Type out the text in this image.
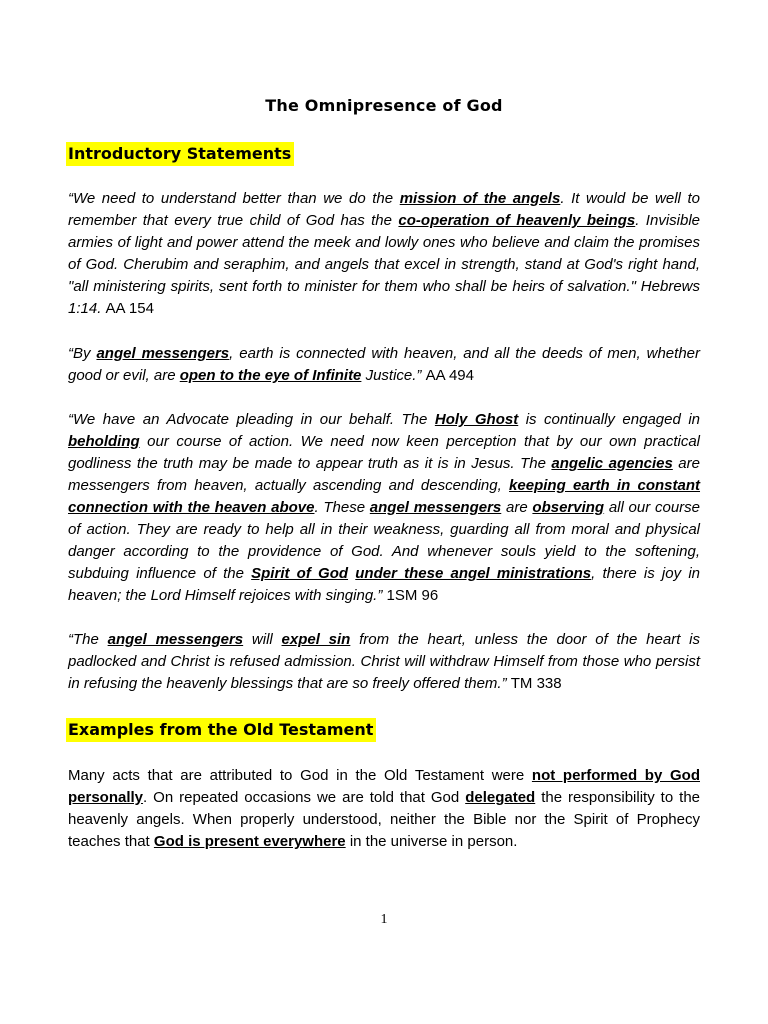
The Omnipresence of God
Introductory Statements

“We need to understand better than we do the mission of the angels. It would be well to remember that every true child of God has the co-operation of heavenly beings. Invisible armies of light and power attend the meek and lowly ones who believe and claim the promises of God. Cherubim and seraphim, and angels that excel in strength, stand at God's right hand, "all ministering spirits, sent forth to minister for them who shall be heirs of salvation." Hebrews 1:14. AA 154

“By angel messengers, earth is connected with heaven, and all the deeds of men, whether good or evil, are open to the eye of Infinite Justice.” AA 494

“We have an Advocate pleading in our behalf. The Holy Ghost is continually engaged in beholding our course of action. We need now keen perception that by our own practical godliness the truth may be made to appear truth as it is in Jesus. The angelic agencies are messengers from heaven, actually ascending and descending, keeping earth in constant connection with the heaven above. These angel messengers are observing all our course of action. They are ready to help all in their weakness, guarding all from moral and physical danger according to the providence of God. And whenever souls yield to the softening, subduing influence of the Spirit of God under these angel ministrations, there is joy in heaven; the Lord Himself rejoices with singing.” 1SM 96

“The angel messengers will expel sin from the heart, unless the door of the heart is padlocked and Christ is refused admission. Christ will withdraw Himself from those who persist in refusing the heavenly blessings that are so freely offered them.” TM 338

Examples from the Old Testament

Many acts that are attributed to God in the Old Testament were not performed by God personally. On repeated occasions we are told that God delegated the responsibility to the heavenly angels. When properly understood, neither the Bible nor the Spirit of Prophecy teaches that God is present everywhere in the universe in person.

1
